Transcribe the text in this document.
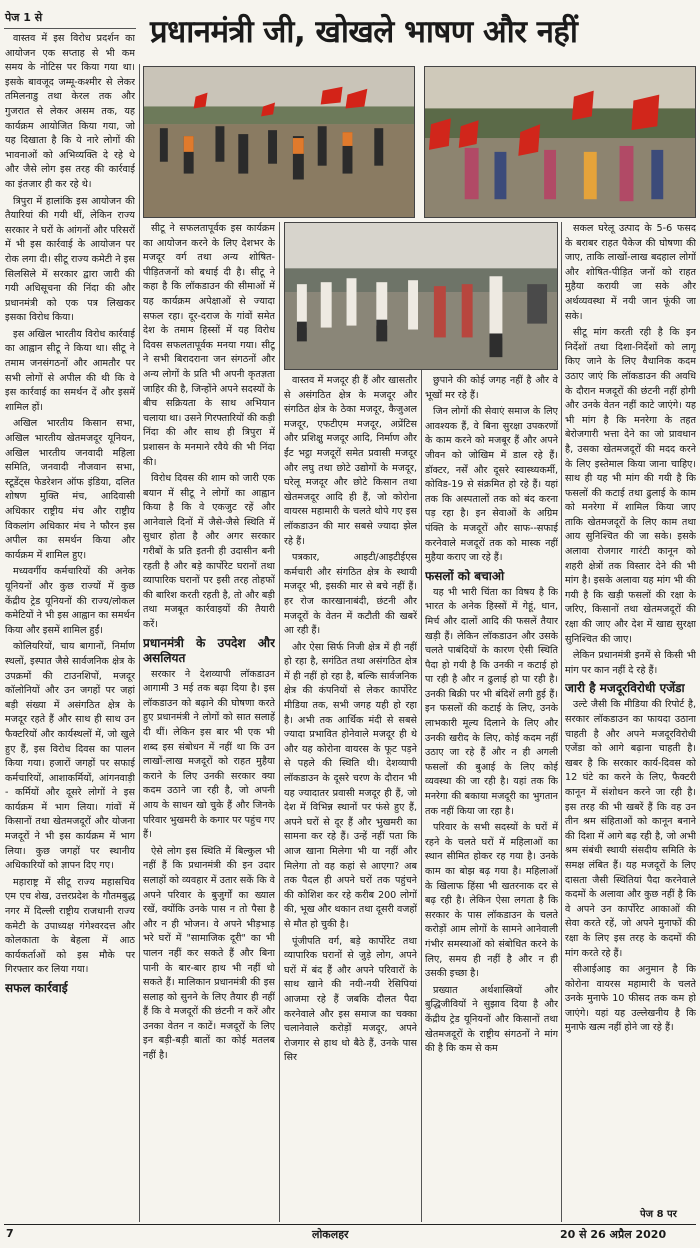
पेज 1 से	प्रधानमंत्री जी, खोखले भाषण और नहीं

वास्तव में इस विरोध प्रदर्शन का आयोजन एक सप्ताह से भी कम समय के नोटिस पर किया गया था। इसके बावजूद जम्मू-कश्मीर से लेकर तमिलनाडु तथा केरल तक और गुजरात से लेकर असम तक, यह कार्यक्रम आयोजित किया गया, जो यह दिखाता है कि ये नारे लोगों की भावनाओं को अभिव्यक्ति दे रहे थे और जैसे लोग इस तरह की कार्रवाई का इंतजार ही कर रहे थे।

त्रिपुरा में हालांकि इस आयोजन की तैयारियां की गयी थीं, लेकिन राज्य सरकार ने घरों के आंगनों और परिसरों में भी इस कार्रवाई के आयोजन पर रोक लगा दी। सीटू राज्य कमेटी ने इस सिलसिले में सरकार द्वारा जारी की गयी अधिसूचना की निंदा की और प्रधानमंत्री को एक पत्र लिखकर इसका विरोध किया।

इस अखिल भारतीय विरोध कार्रवाई का आह्वान सीटू ने किया था। सीटू ने तमाम जनसंगठनों और आमतौर पर सभी लोगों से अपील की थी कि वे इस कार्रवाई का समर्थन दें और इसमें शामिल हों।

अखिल भारतीय किसान सभा, अखिल भारतीय खेतमजदूर यूनियन, अखिल भारतीय जनवादी महिला समिति, जनवादी नौजवान सभा, स्टूडेंट्स फेडरेशन ऑफ इंडिया, दलित शोषण मुक्ति मंच, आदिवासी अधिकार राष्ट्रीय मंच और राष्ट्रीय विकलांग अधिकार मंच ने फौरन इस अपील का समर्थन किया और कार्यक्रम में शामिल हुए।

मध्यवर्गीय कर्मचारियों की अनेक यूनियनों और कुछ राज्यों में कुछ केंद्रीय ट्रेड यूनियनों की राज्य/लोकल कमेटियों ने भी इस आह्वान का समर्थन किया और इसमें शामिल हुईं।

कोलियरियों, चाय बागानों, निर्माण स्थलों, इस्पात जैसे सार्वजनिक क्षेत्र के उपक्रमों की टाउनशिपों, मजदूर कॉलोनियों और उन जगहों पर जहां बड़ी संख्या में असंगठित क्षेत्र के मजदूर रहते हैं और साथ ही साथ उन फैक्टरियों और कार्यस्थलों में, जो खुले हुए हैं, इस विरोध दिवस का पालन किया गया। हजारों जगहों पर सफाई कर्मचारियों, आशाकर्मियों, आंगनवाड़ी - कर्मियों और दूसरे लोगों ने इस कार्यक्रम में भाग लिया। गांवों में किसानों तथा खेतमजदूरों और योजना मजदूरों ने भी इस कार्यक्रम में भाग लिया। कुछ जगहों पर स्थानीय अधिकारियों को ज्ञापन दिए गए।

महाराष्ट्र में सीटू राज्य महासचिव एम एच शेख, उत्तरप्रदेश के गौतमबुद्ध नगर में दिल्ली राष्ट्रीय राजधानी राज्य कमेटी के उपाध्यक्ष गंगेश्वरदत्त और कोलकाता के बेहला में आठ कार्यकर्ताओं को इस मौके पर गिरफ्तार कर लिया गया।

सफल कार्रवाई

सीटू ने सफलतापूर्वक इस कार्यक्रम का आयोजन करने के लिए देशभर के मजदूर वर्ग तथा अन्य शोषित-पीड़ितजनों को बधाई दी है। सीटू ने कहा है कि लॉकडाउन की सीमाओं में यह कार्यक्रम अपेक्षाओं से ज्यादा सफल रहा। दूर-दराज के गांवों समेत देश के तमाम हिस्सों में यह विरोध दिवस सफलतापूर्वक मनया गया। सीटू ने सभी बिरादराना जन संगठनों और अन्य लोगों के प्रति भी अपनी कृतज्ञता जाहिर की है, जिन्होंने अपने सदस्यों के बीच सक्रियता के साथ अभियान चलाया था। उसने गिरफ्तारियों की कड़ी निंदा की और साथ ही त्रिपुरा में प्रशासन के मनमाने रवैये की भी निंदा की।

विरोध दिवस की शाम को जारी एक बयान में सीटू ने लोगों का आह्वान किया है कि वे एकजुट रहें और आनेवाले दिनों में जैसे-जैसे स्थिति में सुधार होता है और अगर सरकार गरीबों के प्रति इतनी ही उदासीन बनी रहती है और बड़े कार्पोरेट घरानों तथा व्यापारिक घरानों पर इसी तरह तोहफों की बारिश करती रहती है, तो और बड़ी तथा मजबूत कार्रवाइयों की तैयारी करें।

प्रधानमंत्री के उपदेश और असलियत

सरकार ने देशव्यापी लॉकडाउन आगामी 3 मई तक बढ़ा दिया है। इस लॉकडाउन को बढ़ाने की घोषणा करते हुए प्रधानमंत्री ने लोगों को सात सलाहें दी थीं। लेकिन इस बार भी एक भी शब्द इस संबोधन में नहीं था कि उन लाखों-लाख मजदूरों को राहत मुहैया कराने के लिए उनकी सरकार क्या कदम उठाने जा रही है, जो अपनी आय के साधन खो चुके हैं और जिनके परिवार भुखमरी के कगार पर पहुंच गए हैं।

ऐसे लोग इस स्थिति में बिल्कुल भी नहीं हैं कि प्रधानमंत्री की इन उदार सलाहों को व्यवहार में उतार सकें कि वे अपने परिवार के बुजुर्गों का ख्याल रखें, क्योंकि उनके पास न तो पैसा है और न ही भोजन। वे अपने भीड़भाड़ भरे घरों में "सामाजिक दूरी" का भी पालन नहीं कर सकते हैं और बिना पानी के बार-बार हाथ भी नहीं धो सकते हैं। मालिकान प्रधानमंत्री की इस सलाह को सुनने के लिए तैयार ही नहीं हैं कि वे मजदूरों की छंटनी न करें और उनका वेतन न काटें। मजदूरों के लिए इन बड़ी-बड़ी बातों का कोई मतलब नहीं है।

वास्तव में मजदूर ही हैं और खासतौर से असंगठित क्षेत्र के मजदूर और संगठित क्षेत्र के ठेका मजदूर, कैजुअल मजदूर, एफटीएम मजदूर, अप्रेंटिस और प्रशिक्षु मजदूर आदि, निर्माण और ईंट भट्ठा मजदूरों समेत प्रवासी मजदूर और लघु तथा छोटे उद्योगों के मजदूर, घरेलू मजदूर और छोटे किसान तथा खेतमजदूर आदि ही हैं, जो कोरोना वायरस महामारी के चलते थोपे गए इस लॉकडाउन की मार सबसे ज्यादा झेल रहे हैं।

पत्रकार, आइटी/आइटीईएस कर्मचारी और संगठित क्षेत्र के स्थायी मजदूर भी, इसकी मार से बचे नहीं हैं। हर रोज कारखानाबंदी, छंटनी और मजदूरों के वेतन में कटौती की खबरें आ रही हैं।

और ऐसा सिर्फ निजी क्षेत्र में ही नहीं हो रहा है, सगंठित तथा असंगठित क्षेत्र में ही नहीं हो रहा है, बल्कि सार्वजनिक क्षेत्र की कंपनियों से लेकर कार्पोरेट मीडिया तक, सभी जगह यही हो रहा है। अभी तक आर्थिक मंदी से सबसे ज्यादा प्रभावित होनेवाले मजदूर ही थे और यह कोरोना वायरस के फूट पड़ने से पहले की स्थिति थी। देशव्यापी लॉकडाउन के दूसरे चरण के दौरान भी यह ज्यादातर प्रवासी मजदूर ही हैं, जो देश में विभिन्न स्थानों पर फंसे हुए हैं, अपने घरों से दूर हैं और भुखमरी का सामना कर रहे हैं। उन्हें नहीं पता कि आज खाना मिलेगा भी या नहीं और मिलेगा तो वह कहां से आएगा? अब तक पैदल ही अपने घरों तक पहुंचने की कोशिश कर रहे करीब 200 लोगों की, भूख और थकान तथा दूसरी वजहों से मौत हो चुकी है।

पूंजीपति वर्ग, बड़े कार्पोरेट तथा व्यापारिक घरानों से जुड़े लोग, अपने घरों में बंद हैं और अपने परिवारों के साथ खाने की नयी-नयी रेसिपियां आजमा रहे हैं जबकि दौलत पैदा करनेवाले और इस समाज का चक्का चलानेवाले करोड़ों मजदूर, अपने रोजगार से हाथ धो बैठे हैं, उनके पास सिर

छुपाने की कोई जगह नहीं है और वे भूखों मर रहे हैं।

जिन लोगों की सेवाएं समाज के लिए आवश्यक हैं, वे बिना सुरक्षा उपकरणों के काम करने को मजबूर हैं और अपने जीवन को जोखिम में डाल रहे हैं। डॉक्टर, नर्सें और दूसरे स्वास्थ्यकर्मी, कोविड-19 से संक्रमित हो रहे हैं। यहां तक कि अस्पतालों तक को बंद करना पड़ रहा है। इन सेवाओं के अग्रिम पंक्ति के मजदूरों और साफ--सफाई करनेवाले मजदूरों तक को मास्क नहीं मुहैया कराए जा रहे हैं।

फसलों को बचाओ

यह भी भारी चिंता का विषय है कि भारत के अनेक हिस्सों में गेहूं, धान, मिर्च और दालों आदि की फसलें तैयार खड़ी हैं। लेकिन लॉकडाउन और उसके चलते पाबंदियों के कारण ऐसी स्थिति पैदा हो गयी है कि उनकी न कटाई हो पा रही है और न ढुलाई हो पा रही है। उनकी बिक्री पर भी बंदिशें लगी हुई हैं। इन फसलों की कटाई के लिए, उनके लाभकारी मूल्य दिलाने के लिए और उनकी खरीद के लिए, कोई कदम नहीं उठाए जा रहे हैं और न ही अगली फसलों की बुआई के लिए कोई व्यवस्था की जा रही है। यहां तक कि मनरेगा की बकाया मजदूरी का भुगतान तक नहीं किया जा रहा है।

परिवार के सभी सदस्यों के घरों में रहने के चलते घरों में महिलाओं का स्थान सीमित होकर रह गया है। उनके काम का बोझ बढ़ गया है। महिलाओं के खिलाफ हिंसा भी खतरनाक दर से बढ़ रही है। लेकिन ऐसा लगता है कि सरकार के पास लॉकडाउन के चलते करोड़ों आम लोगों के सामने आनेवाली गंभीर समस्याओं को संबोधित करने के लिए, समय ही नहीं है और न ही उसकी इच्छा है।

प्रख्यात अर्थशास्त्रियों और बुद्धिजीवियों ने सुझाव दिया है और केंद्रीय ट्रेड यूनियनों और किसानों तथा खेतमजदूरों के राष्ट्रीय संगठनों ने मांग की है कि कम से कम

सकल घरेलू उत्पाद के 5-6 फसद के बराबर राहत पैकेज की घोषणा की जाए, ताकि लाखों-लाख बदहाल लोगों और शोषित-पीड़ित जनों को राहत मुहैया करायी जा सके और अर्थव्यवस्था में नयी जान फूंकी जा सके।

सीटू मांग करती रही है कि इन निर्देशों तथा दिशा-निर्देशों को लागू किए जाने के लिए वैधानिक कदम उठाए जाएं कि लॉकडाउन की अवधि के दौरान मजदूरों की छंटनी नहीं होगी और उनके वेतन नहीं काटे जाएंगे। यह भी मांग है कि मनरेगा के तहत बेरोजगारी भत्ता देने का जो प्रावधान है, उसका खेतमजदूरों की मदद करने के लिए इस्तेमाल किया जाना चाहिए। साथ ही यह भी मांग की गयी है कि फसलों की कटाई तथा ढुलाई के काम को मनरेगा में शामिल किया जाए ताकि खेतमजदूरों के लिए काम तथा आय सुनिश्चित की जा सके। इसके अलावा रोजगार गारंटी कानून को शहरी क्षेत्रों तक विस्तार देने की भी मांग है। इसके अलावा यह मांग भी की गयी है कि खड़ी फसलों की रक्षा के जरिए, किसानों तथा खेतमजदूरों की रक्षा की जाए और देश में खाद्य सुरक्षा सुनिश्चित की जाए।

लेकिन प्रधानमंत्री इनमें से किसी भी मांग पर कान नहीं दे रहे हैं।

जारी है मजदूरविरोधी एजेंडा

उल्टे जैसी कि मीडिया की रिपोर्ट है, सरकार लॉकडाउन का फायदा उठाना चाहती है और अपने मजदूरविरोधी एजेंडा को आगे बढ़ाना चाहती है। खबर है कि सरकार कार्य-दिवस को 12 घंटे का करने के लिए, फैक्टरी कानून में संशोधन करने जा रही है। इस तरह की भी खबरें हैं कि वह उन तीन श्रम संहिताओं को कानून बनाने की दिशा में आगे बढ़ रही है, जो अभी श्रम संबंधी स्थायी संसदीय समिति के समक्ष लंबित हैं। यह मजदूरों के लिए दासता जैसी स्थितियां पैदा करनेवाले कदमों के अलावा और कुछ नहीं है कि वे अपने उन कार्पोरेट आकाओं की सेवा करते रहें, जो अपने मुनाफों की रक्षा के लिए इस तरह के कदमों की मांग करते रहे हैं।

सीआईआइ का अनुमान है कि कोरोना वायरस महामारी के चलते उनके मुनाफे 10 फीसद तक कम हो जाएंगे। यहां यह उल्लेखनीय है कि मुनाफे खत्म नहीं होने जा रहे हैं।

पेज 8 पर
7	लोकलहर	20 से 26 अप्रैल 2020
